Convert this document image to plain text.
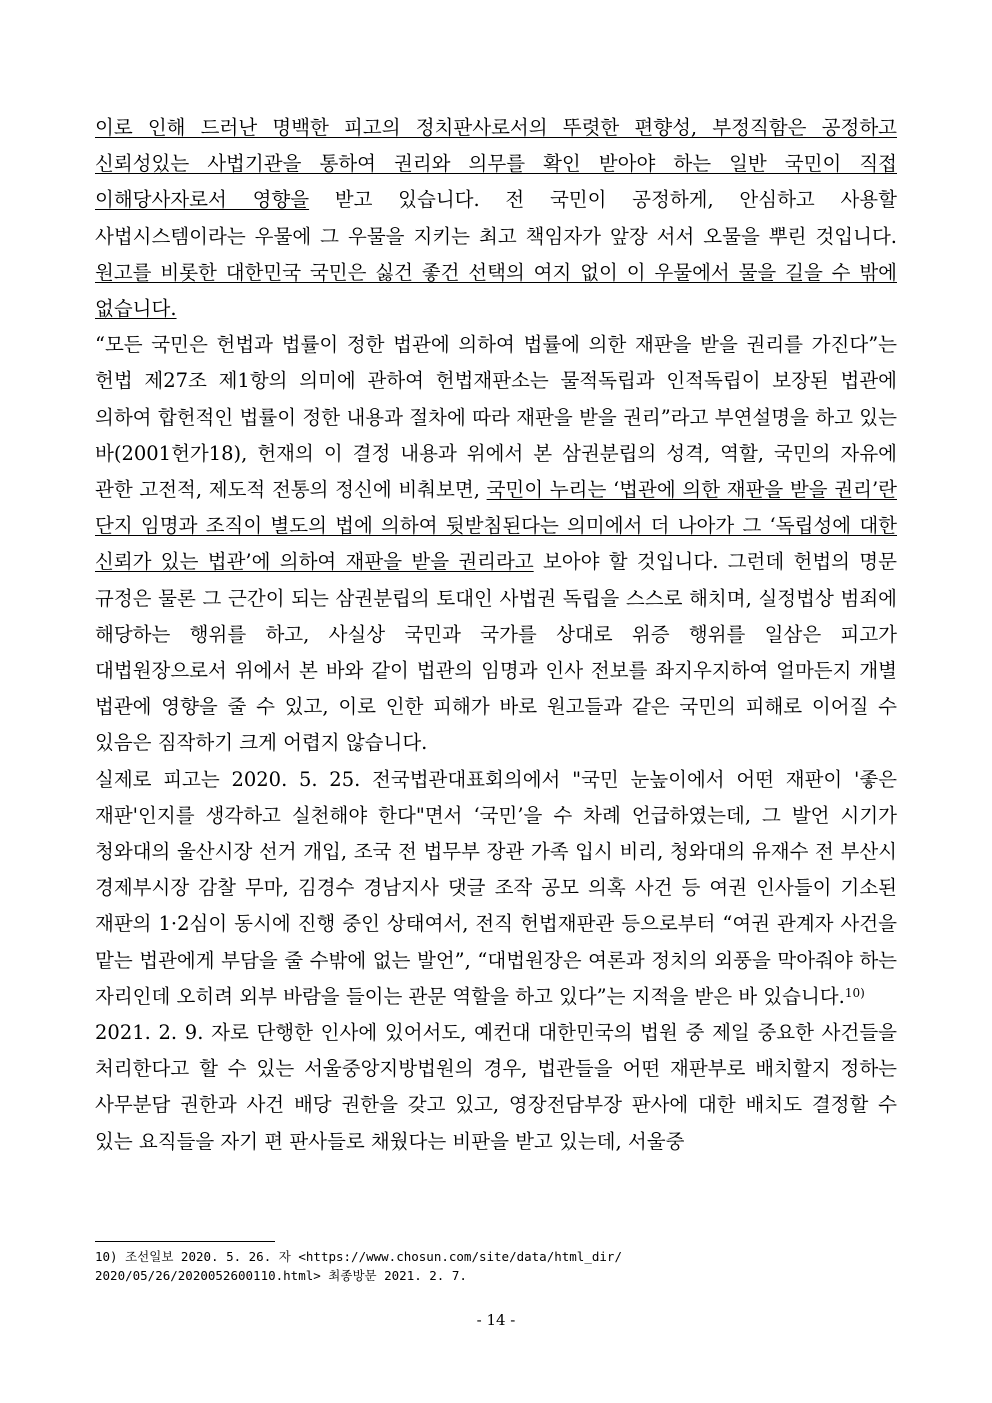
이로 인해 드러난 명백한 피고의 정치판사로서의 뚜렷한 편향성, 부정직함은 공정하고 신뢰성있는 사법기관을 통하여 권리와 의무를 확인 받아야 하는 일반 국민이 직접 이해당사자로서 영향을 받고 있습니다. 전 국민이 공정하게, 안심하고 사용할 사법시스템이라는 우물에 그 우물을 지키는 최고 책임자가 앞장 서서 오물을 뿌린 것입니다. 원고를 비롯한 대한민국 국민은 싫건 좋건 선택의 여지 없이 이 우물에서 물을 길을 수 밖에 없습니다.

“모든 국민은 헌법과 법률이 정한 법관에 의하여 법률에 의한 재판을 받을 권리를 가진다”는 헌법 제27조 제1항의 의미에 관하여 헌법재판소는 물적독립과 인적독립이 보장된 법관에 의하여 합헌적인 법률이 정한 내용과 절차에 따라 재판을 받을 권리”라고 부연설명을 하고 있는 바(2001헌가18), 헌재의 이 결정 내용과 위에서 본 삼권분립의 성격, 역할, 국민의 자유에 관한 고전적, 제도적 전통의 정신에 비춰보면, 국민이 누리는 ‘법관에 의한 재판을 받을 권리’란 단지 임명과 조직이 별도의 법에 의하여 뒷받침된다는 의미에서 더 나아가 그 ‘독립성에 대한 신뢰가 있는 법관’에 의하여 재판을 받을 권리라고 보아야 할 것입니다. 그런데 헌법의 명문 규정은 물론 그 근간이 되는 삼권분립의 토대인 사법권 독립을 스스로 해치며, 실정법상 범죄에 해당하는 행위를 하고, 사실상 국민과 국가를 상대로 위증 행위를 일삼은 피고가 대법원장으로서 위에서 본 바와 같이 법관의 임명과 인사 전보를 좌지우지하여 얼마든지 개별 법관에 영향을 줄 수 있고, 이로 인한 피해가 바로 원고들과 같은 국민의 피해로 이어질 수 있음은 짐작하기 크게 어렵지 않습니다.

실제로 피고는 2020. 5. 25. 전국법관대표회의에서 "국민 눈높이에서 어떤 재판이 '좋은 재판'인지를 생각하고 실천해야 한다"면서 ‘국민’을 수 차례 언급하였는데, 그 발언 시기가 청와대의 울산시장 선거 개입, 조국 전 법무부 장관 가족 입시 비리, 청와대의 유재수 전 부산시 경제부시장 감찰 무마, 김경수 경남지사 댓글 조작 공모 의혹 사건 등 여권 인사들이 기소된 재판의 1·2심이 동시에 진행 중인 상태여서, 전직 헌법재판관 등으로부터 “여권 관계자 사건을 맡는 법관에게 부담을 줄 수밖에 없는 발언”, “대법원장은 여론과 정치의 외풍을 막아줘야 하는 자리인데 오히려 외부 바람을 들이는 관문 역할을 하고 있다”는 지적을 받은 바 있습니다.$^{10)}$

2021. 2. 9. 자로 단행한 인사에 있어서도, 예컨대 대한민국의 법원 중 제일 중요한 사건들을 처리한다고 할 수 있는 서울중앙지방법원의 경우, 법관들을 어떤 재판부로 배치할지 정하는 사무분담 권한과 사건 배당 권한을 갖고 있고, 영장전담부장 판사에 대한 배치도 결정할 수 있는 요직들을 자기 편 판사들로 채웠다는 비판을 받고 있는데, 서울중

10) 조선일보 2020. 5. 26. 자 <https://www.chosun.com/site/data/html_dir/
2020/05/26/2020052600110.html> 최종방문 2021. 2. 7.
- 14 -
